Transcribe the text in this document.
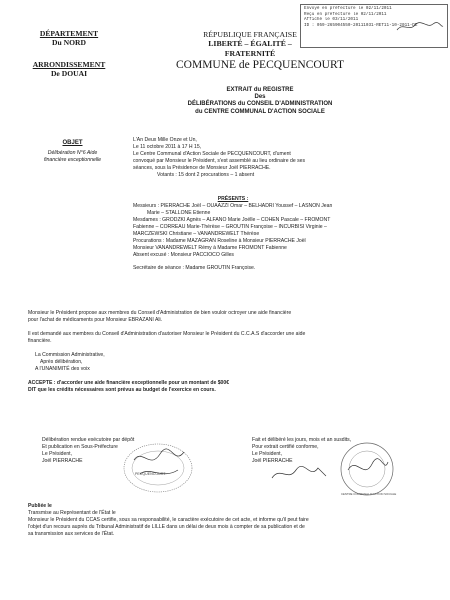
Envoyé en préfecture le 02/11/2011
Reçu en préfecture le 02/11/2011
Affiché le 03/11/2011
ID : 059-265904550-20111031-RET11-10-2011-DE
DÉPARTEMENT
Du NORD
ARRONDISSEMENT
De DOUAI
RÉPUBLIQUE FRANÇAISE
LIBERTÉ – ÉGALITÉ – FRATERNITÉ
COMMUNE de PECQUENCOURT
EXTRAIT du REGISTRE
Des
DÉLIBÉRATIONS du CONSEIL D'ADMINISTRATION
du CENTRE COMMUNAL D'ACTION SOCIALE
OBJET
Délibération N°6 Aide
financière exceptionnelle
L'An Deux Mille Onze et Un,
Le 11 octobre 2011 à 17 H 15,
Le Centre Communal d'Action Sociale de PECQUENCOURT, d'ument
convoqué par Monsieur le Président, s'est assemblé au lieu ordinaire de ses
séances, sous la Présidence de Monsieur Joël PIERRACHE.
Votants : 15 dont 2 procurations – 1 absent
PRÉSENTS :
Messieurs : PIERRACHE Joël – OUAAZZI Omar – BELHADRI Youssef – LASNON Jean
Marie – STALLONE Etienne
Mesdames : GRODZKI Agnès – ALFANO Marie Joëlle – COHEN Pascale – FROMONT
Fabienne – CORREAU Marie-Thérèse – GROUTIN Françoise – INCURBISI Virginie –
MARCZEWSKI Christiane – VANANDREWELT Thérèse
Procurations : Madame MAZAGRAN Roseline à Monsieur PIERRACHE Joël
Monsieur VANANDREWELT Rémy à Madame FROMONT Fabienne
Absent excusé : Monsieur PACCIOCO Gilles
Secrétaire de séance : Madame GROUTIN Françoise.
Monsieur le Président propose aux membres du Conseil d'Administration de bien vouloir octroyer une aide financière
pour l'achat de médicaments pour Monsieur EBRAZANI Ali.
Il est demandé aux membres du Conseil d'Administration d'autoriser Monsieur le Président du C.C.A.S d'accorder une aide
financière.
La Commission Administrative,
Après délibération,
A l'UNANIMITÉ des voix
ACCEPTE : d'accorder une aide financière exceptionnelle pour un montant de $00€
DIT que les crédits nécessaires sont prévus au budget de l'exercice en cours.
Délibération rendue exécutoire par dépôt
Et publication en Sous-Préfecture
Le Président,
Joël PIERRACHE
Fait et délibéré les jours, mois et an susdits,
Pour extrait certifié conforme,
Le Président,
Joël PIERRACHE
PECQUENCOURT
CENTRE COMMUNAL D'ACTION SOCIALE
Publiée le
Transmise au Représentant de l'État le
Monsieur le Président du CCAS certifie, sous sa responsabilité, le caractère exécutoire de cet acte, et informe qu'il peut faire
l'objet d'un recours auprès du Tribunal Administratif de LILLE dans un délai de deux mois à compter de sa publication et de
sa transmission aux services de l'État.
